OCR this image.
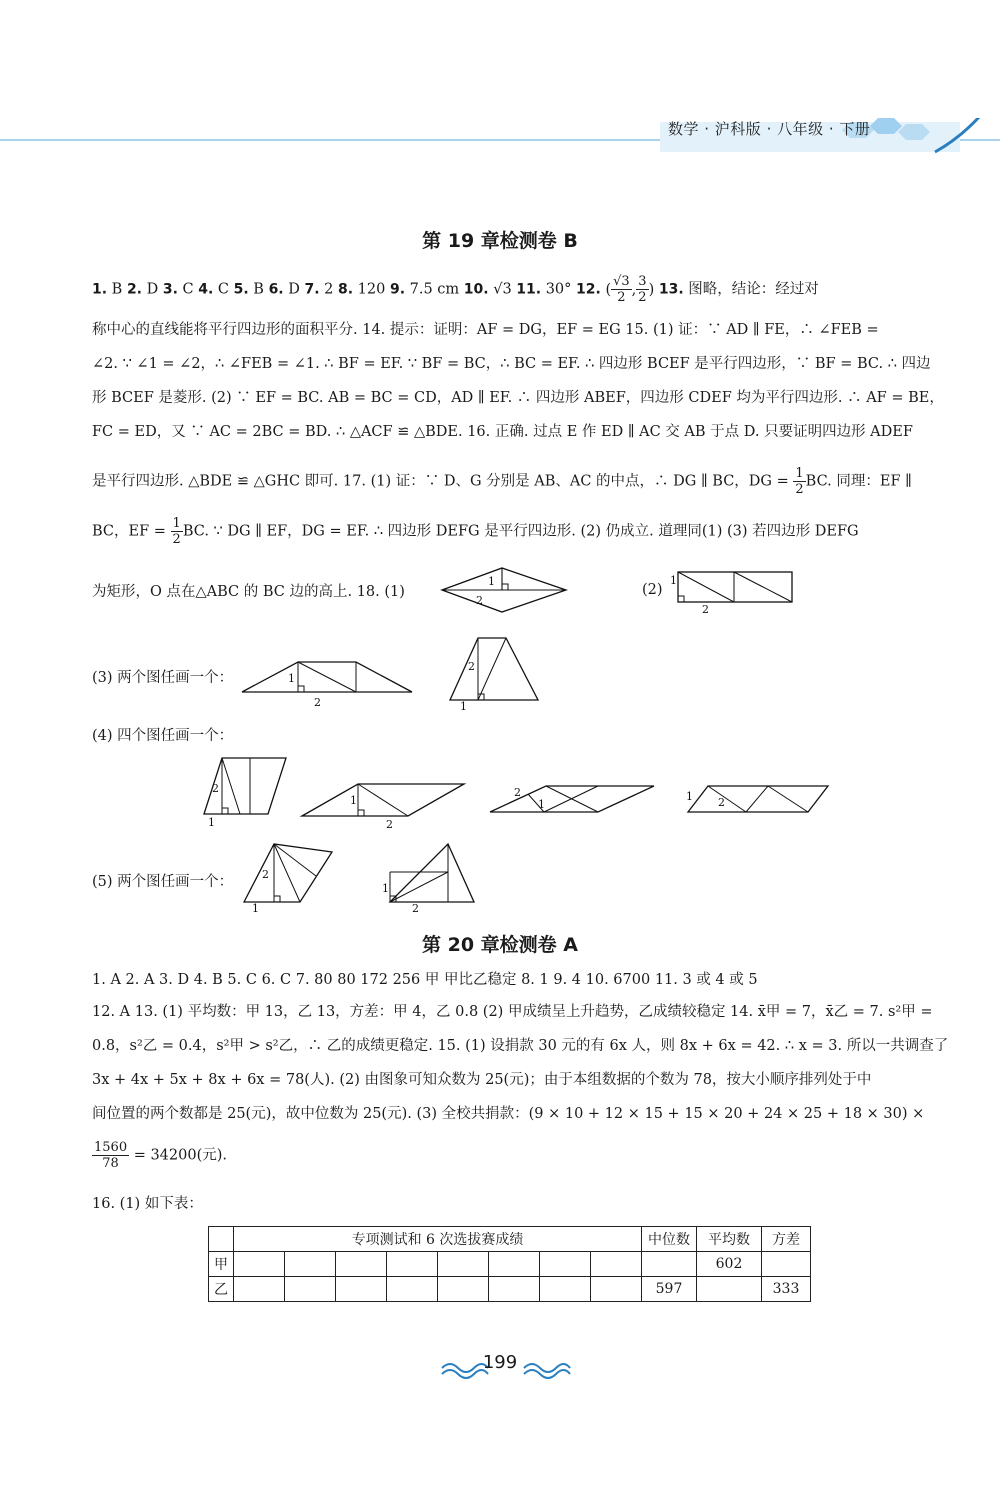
数学 · 沪科版 · 八年级 · 下册
第 19 章检测卷 B
1. B 2. D 3. C 4. C 5. B 6. D 7. 2 8. 120 9. 7.5 cm 10. √3 11. 30° 12. ( $\frac{√3}{2}$ , $\frac{3}{2}$ ) 13. 图略，结论：经过对
称中心的直线能将平行四边形的面积平分. 14. 提示：证明：AF = DG，EF = EG 15. (1) 证：∵ AD ∥ FE，∴ ∠FEB =
∠2. ∵ ∠1 = ∠2，∴ ∠FEB = ∠1. ∴ BF = EF. ∵ BF = BC，∴ BC = EF. ∴ 四边形 BCEF 是平行四边形，∵ BF = BC. ∴ 四边
形 BCEF 是菱形. (2) ∵ EF = BC. AB = BC = CD，AD ∥ EF. ∴ 四边形 ABEF，四边形 CDEF 均为平行四边形. ∴ AF = BE，
FC = ED，又 ∵ AC = 2BC = BD. ∴ △ACF ≌ △BDE. 16. 正确. 过点 E 作 ED ∥ AC 交 AB 于点 D. 只要证明四边形 ADEF
是平行四边形. △BDE ≌ △GHC 即可. 17. (1) 证：∵ D、G 分别是 AB、AC 的中点，∴ DG ∥ BC，DG = $\frac{1}{2}$ BC. 同理：EF ∥
BC，EF = $\frac{1}{2}$ BC. ∵ DG ∥ EF，DG = EF. ∴ 四边形 DEFG 是平行四边形. (2) 仍成立. 道理同(1) (3) 若四边形 DEFG
为矩形，O 点在△ABC 的 BC 边的高上. 18. (1)
1
2
(2)
1
2
(3) 两个图任画一个：	1
2
2
1
(4) 四个图任画一个：
2
1
1
2
2
1
1 2
(5) 两个图任画一个：	2
1
1
2
第 20 章检测卷 A
1. A 2. A 3. D 4. B 5. C 6. C 7. 80 80 172 256 甲 甲比乙稳定 8. 1 9. 4 10. 6700 11. 3 或 4 或 5
12. A 13. (1) 平均数：甲 13，乙 13，方差：甲 4，乙 0.8 (2) 甲成绩呈上升趋势，乙成绩较稳定 14. x̄甲 = 7，x̄乙 = 7. s²甲 =
0.8，s²乙 = 0.4，s²甲 > s²乙，∴ 乙的成绩更稳定. 15. (1) 设捐款 30 元的有 6x 人，则 8x + 6x = 42. ∴ x = 3. 所以一共调查了
3x + 4x + 5x + 8x + 6x = 78(人). (2) 由图象可知众数为 25(元)；由于本组数据的个数为 78，按大小顺序排列处于中
间位置的两个数都是 25(元)，故中位数为 25(元). (3) 全校共捐款：(9 × 10 + 12 × 15 + 15 × 20 + 24 × 25 + 18 × 30) ×
$\frac{1560}{78} = 34200$(元).
16. (1) 如下表：
	专项测试和 6 次选拔赛成绩								中位数	平均数	方差
甲										602	
乙									597		333
199
